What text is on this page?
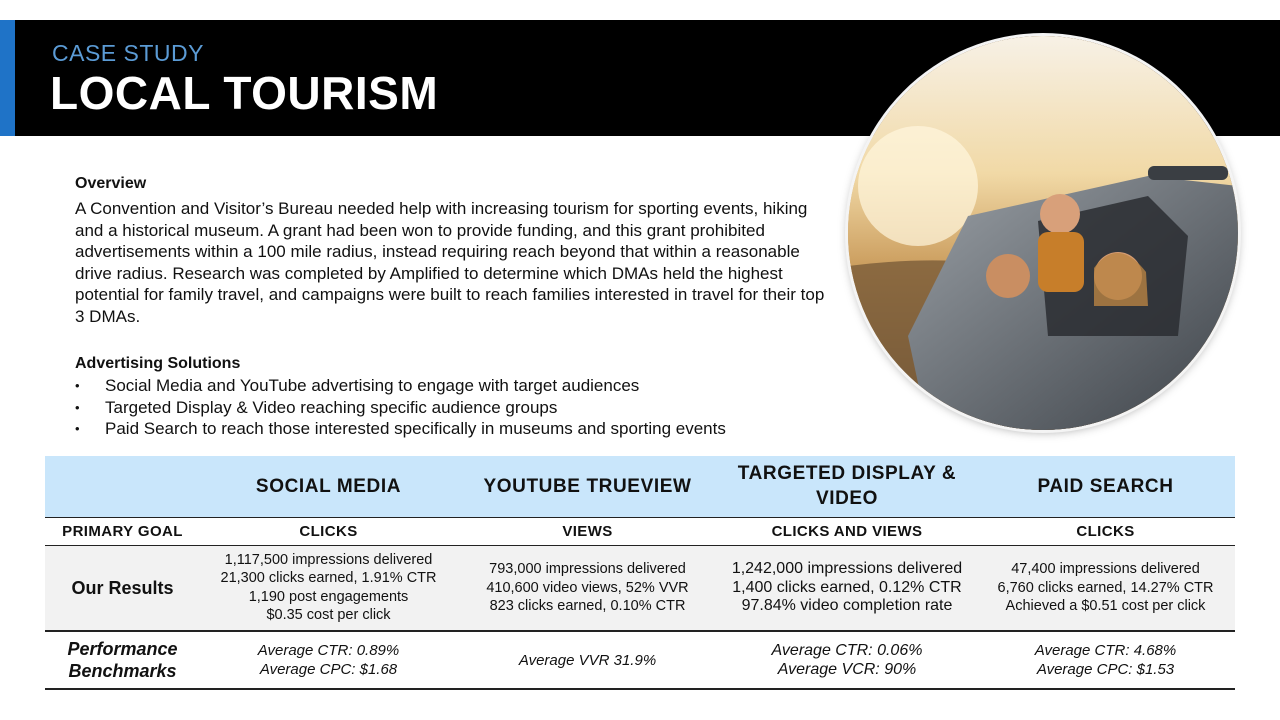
CASE STUDY
LOCAL TOURISM
Overview
A Convention and Visitor’s Bureau needed help with increasing tourism for sporting events, hiking and a historical museum. A grant had been won to provide funding, and this grant prohibited advertisements within a 100 mile radius, instead requiring reach beyond that within a reasonable drive radius. Research was completed by Amplified to determine which DMAs held the highest potential for family travel, and campaigns were built to reach families interested in travel for their top 3 DMAs.
Advertising Solutions
• Social Media and YouTube advertising to engage with target audiences
• Targeted Display & Video reaching specific audience groups
• Paid Search to reach those interested specifically in museums and sporting events
	SOCIAL MEDIA	YOUTUBE TRUEVIEW	TARGETED DISPLAY &
VIDEO	PAID SEARCH
PRIMARY GOAL	CLICKS	VIEWS	CLICKS AND VIEWS	CLICKS
Our Results	1,117,500 impressions delivered
21,300 clicks earned, 1.91% CTR
1,190 post engagements
$0.35 cost per click	793,000 impressions delivered
410,600 video views, 52% VVR
823 clicks earned, 0.10% CTR	1,242,000 impressions delivered
1,400 clicks earned, 0.12% CTR
97.84% video completion rate	47,400 impressions delivered
6,760 clicks earned, 14.27% CTR
Achieved a $0.51 cost per click

Performance
Benchmarks	Average CTR: 0.89%
Average CPC: $1.68	Average VVR 31.9%	Average CTR: 0.06%
Average VCR: 90%	Average CTR: 4.68%
Average CPC: $1.53
